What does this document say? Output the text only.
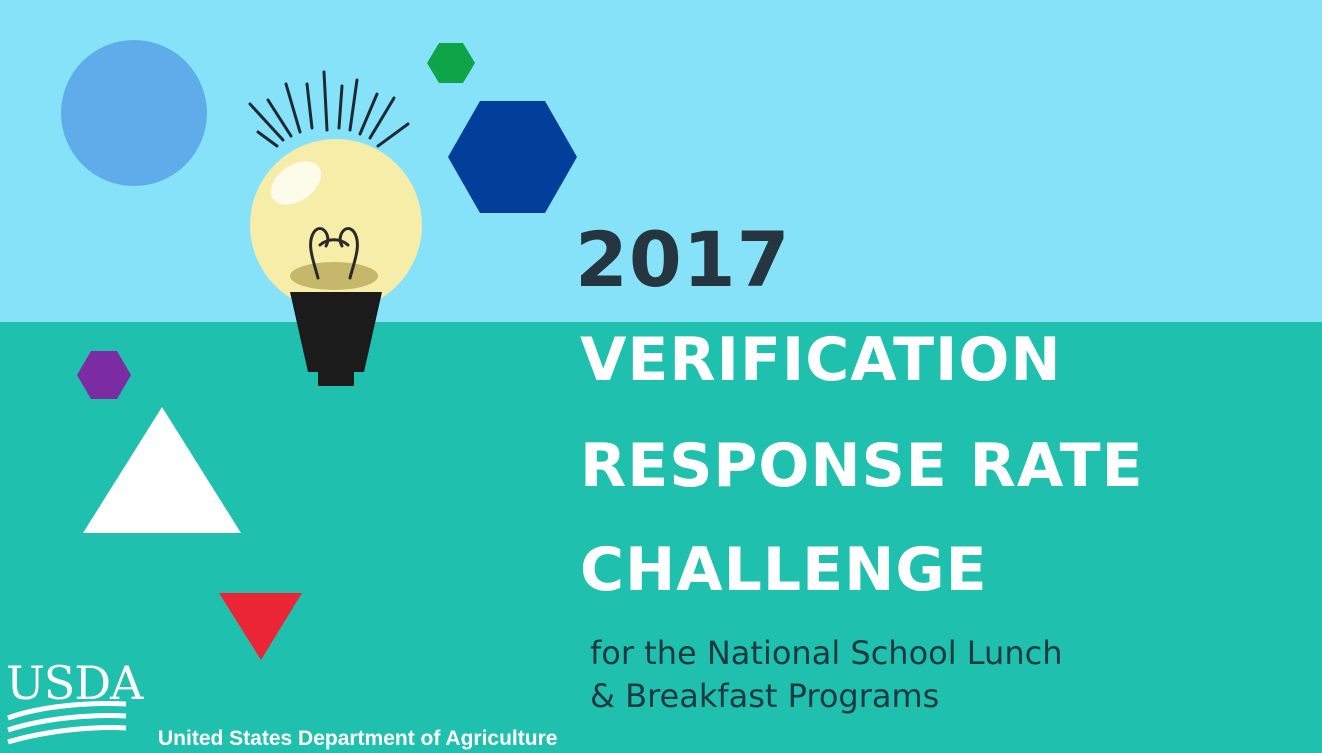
2017
VERIFICATION
RESPONSE RATE
CHALLENGE
for the National School Lunch
& Breakfast Programs
USDA
United States Department of Agriculture
